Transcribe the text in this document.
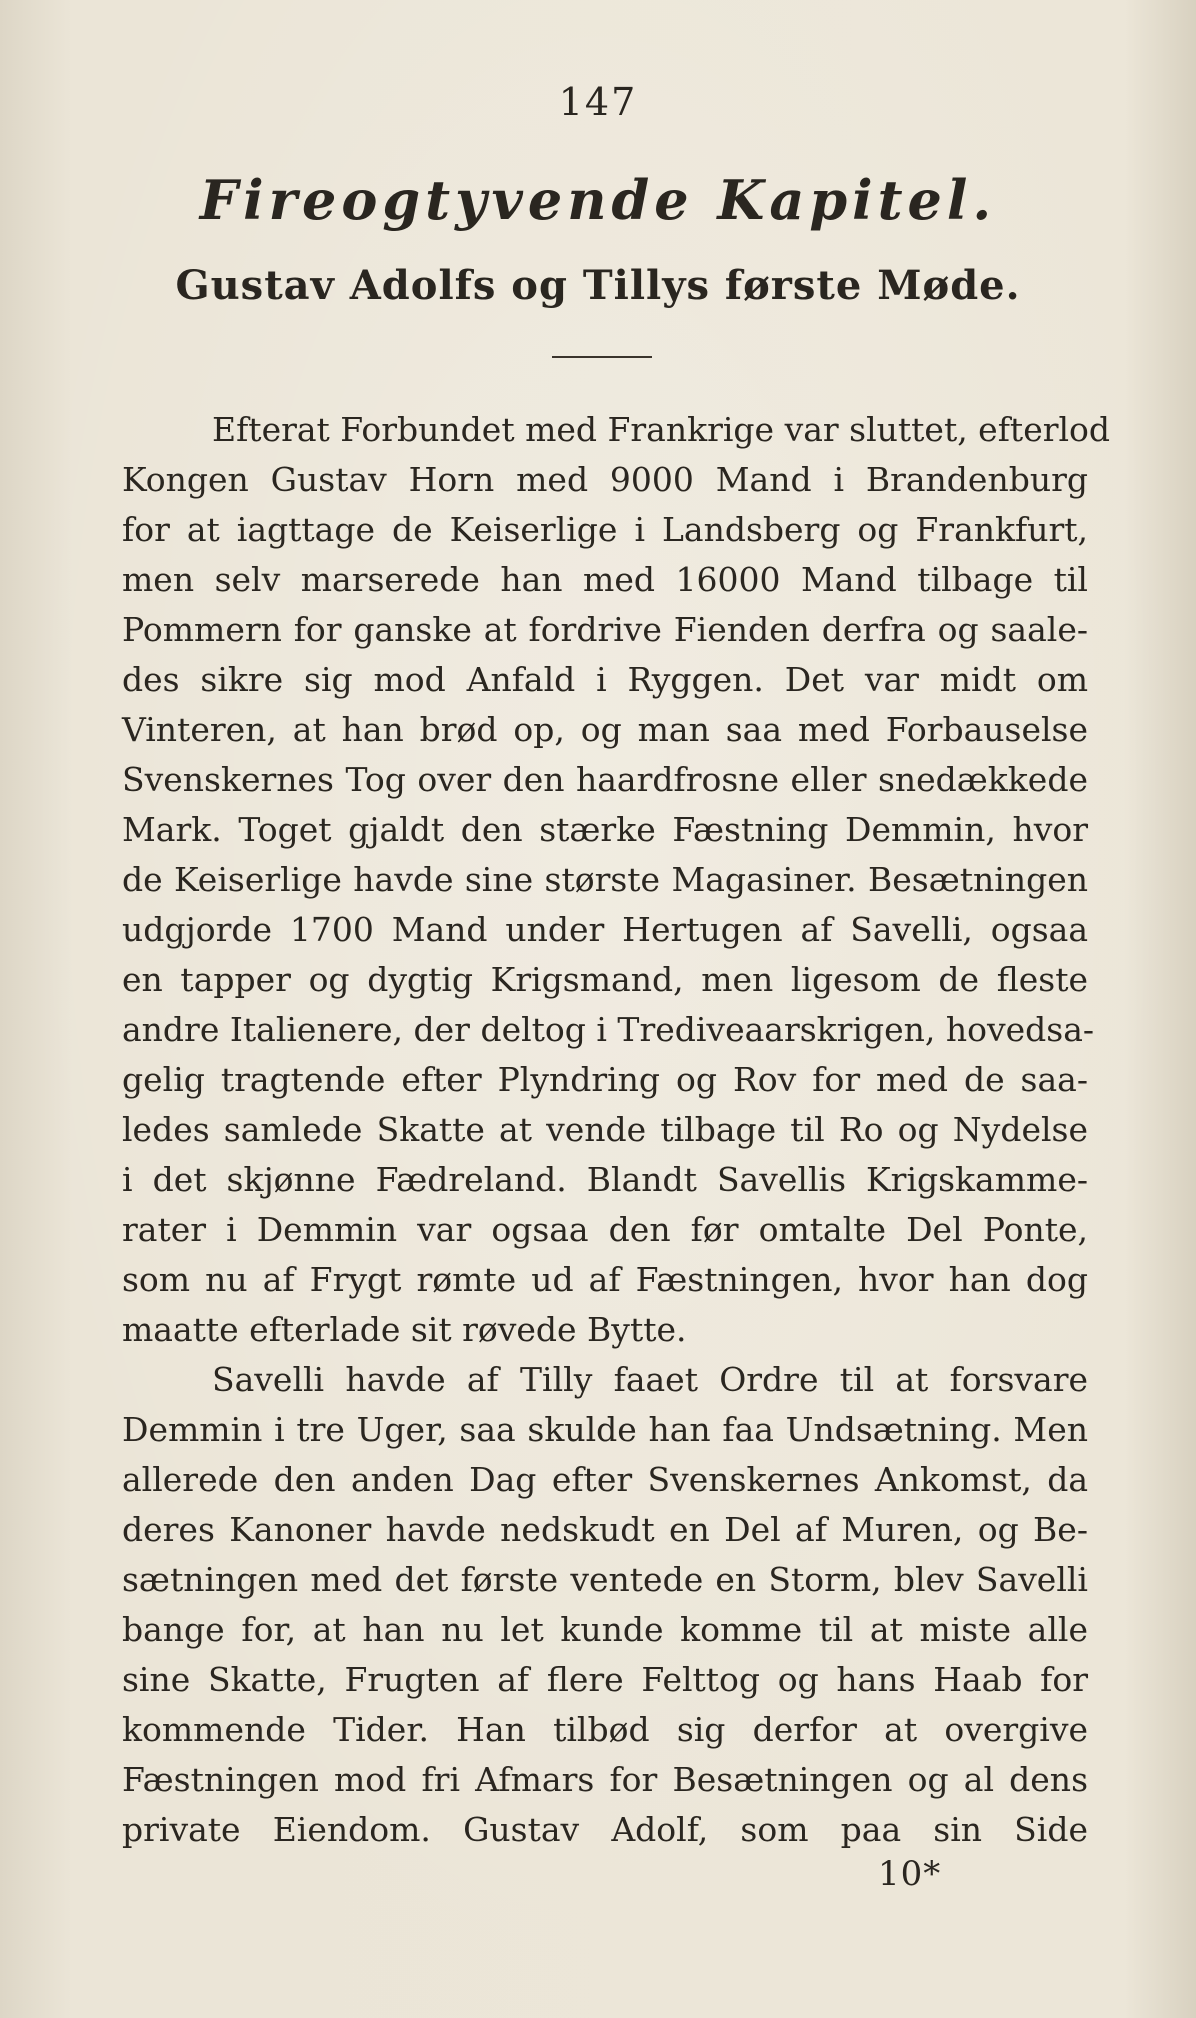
147
Fireogtyvende Kapitel.
Gustav Adolfs og Tillys første Møde.
Efterat Forbundet med Frankrige var sluttet, efterlod
Kongen Gustav Horn med 9000 Mand i Brandenburg
for at iagttage de Keiserlige i Landsberg og Frankfurt,
men selv marserede han med 16000 Mand tilbage til
Pommern for ganske at fordrive Fienden derfra og saale-
des sikre sig mod Anfald i Ryggen. Det var midt om
Vinteren, at han brød op, og man saa med Forbauselse
Svenskernes Tog over den haardfrosne eller snedækkede
Mark. Toget gjaldt den stærke Fæstning Demmin, hvor
de Keiserlige havde sine største Magasiner. Besætningen
udgjorde 1700 Mand under Hertugen af Savelli, ogsaa
en tapper og dygtig Krigsmand, men ligesom de fleste
andre Italienere, der deltog i Trediveaarskrigen, hovedsa-
gelig tragtende efter Plyndring og Rov for med de saa-
ledes samlede Skatte at vende tilbage til Ro og Nydelse
i det skjønne Fædreland. Blandt Savellis Krigskamme-
rater i Demmin var ogsaa den før omtalte Del Ponte,
som nu af Frygt rømte ud af Fæstningen, hvor han dog
maatte efterlade sit røvede Bytte.
Savelli havde af Tilly faaet Ordre til at forsvare
Demmin i tre Uger, saa skulde han faa Undsætning. Men
allerede den anden Dag efter Svenskernes Ankomst, da
deres Kanoner havde nedskudt en Del af Muren, og Be-
sætningen med det første ventede en Storm, blev Savelli
bange for, at han nu let kunde komme til at miste alle
sine Skatte, Frugten af flere Felttog og hans Haab for
kommende Tider. Han tilbød sig derfor at overgive
Fæstningen mod fri Afmars for Besætningen og al dens
private Eiendom. Gustav Adolf, som paa sin Side
10*
